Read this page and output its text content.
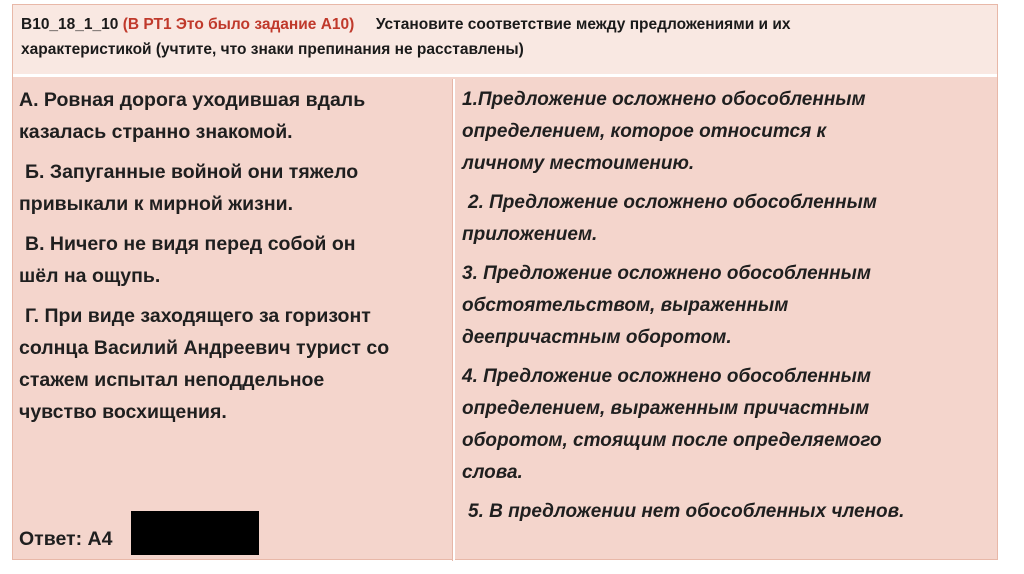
B10_18_1_10 (В РТ1 Это было задание А10) Установите соответствие между предложениями и их
характеристикой (учтите, что знаки препинания не расставлены)

А. Ровная дорога уходившая вдаль
казалась странно знакомой.

Б. Запуганные войной они тяжело
привыкали к мирной жизни.

В. Ничего не видя перед собой он
шёл на ощупь.

Г. При виде заходящего за горизонт
солнца Василий Андреевич турист со
стажем испытал неподдельное
чувство восхищения.

Ответ: А4

1.Предложение осложнено обособленным
определением, которое относится к
личному местоимению.

2. Предложение осложнено обособленным
приложением.

3. Предложение осложнено обособленным
обстоятельством, выраженным
деепричастным оборотом.

4. Предложение осложнено обособленным
определением, выраженным причастным
оборотом, стоящим после определяемого
слова.

5. В предложении нет обособленных членов.
